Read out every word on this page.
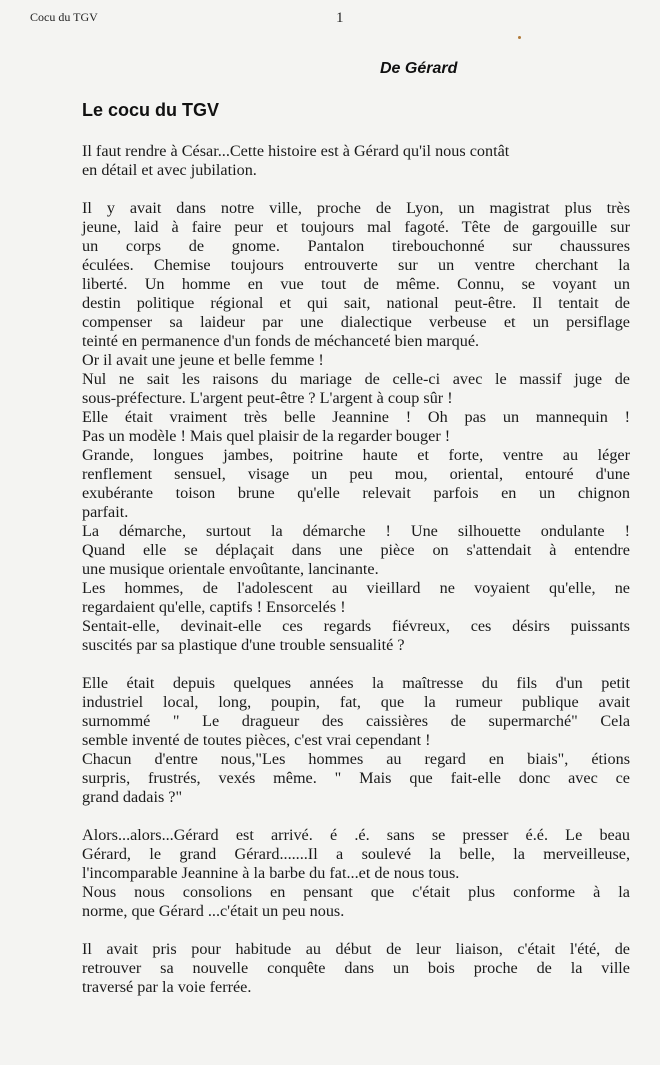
Cocu du TGV	1
De Gérard
Le cocu du TGV
Il faut rendre à César...Cette histoire est à Gérard qu'il nous contât
en détail et avec jubilation.
Il y avait dans notre ville, proche de Lyon, un magistrat plus très
jeune, laid à faire peur et toujours mal fagoté. Tête de gargouille sur
un corps de gnome. Pantalon tirebouchonné sur chaussures
éculées. Chemise toujours entrouverte sur un ventre cherchant la
liberté. Un homme en vue tout de même. Connu, se voyant un
destin politique régional et qui sait, national peut-être. Il tentait de
compenser sa laideur par une dialectique verbeuse et un persiflage
teinté en permanence d'un fonds de méchanceté bien marqué.
Or il avait une jeune et belle femme !
Nul ne sait les raisons du mariage de celle-ci avec le massif juge de
sous-préfecture. L'argent peut-être ? L'argent à coup sûr !
Elle était vraiment très belle Jeannine ! Oh pas un mannequin !
Pas un modèle ! Mais quel plaisir de la regarder bouger !
Grande, longues jambes, poitrine haute et forte, ventre au léger
renflement sensuel, visage un peu mou, oriental, entouré d'une
exubérante toison brune qu'elle relevait parfois en un chignon
parfait.
La démarche, surtout la démarche ! Une silhouette ondulante !
Quand elle se déplaçait dans une pièce on s'attendait à entendre
une musique orientale envoûtante, lancinante.
Les hommes, de l'adolescent au vieillard ne voyaient qu'elle, ne
regardaient qu'elle, captifs ! Ensorcelés !
Sentait-elle, devinait-elle ces regards fiévreux, ces désirs puissants
suscités par sa plastique d'une trouble sensualité ?
Elle était depuis quelques années la maîtresse du fils d'un petit
industriel local, long, poupin, fat, que la rumeur publique avait
surnommé " Le dragueur des caissières de supermarché" Cela
semble inventé de toutes pièces, c'est vrai cependant !
Chacun d'entre nous,"Les hommes au regard en biais", étions
surpris, frustrés, vexés même. " Mais que fait-elle donc avec ce
grand dadais ?"
Alors...alors...Gérard est arrivé. é .é. sans se presser é.é. Le beau
Gérard, le grand Gérard.......Il a soulevé la belle, la merveilleuse,
l'incomparable Jeannine à la barbe du fat...et de nous tous.
Nous nous consolions en pensant que c'était plus conforme à la
norme, que Gérard ...c'était un peu nous.
Il avait pris pour habitude au début de leur liaison, c'était l'été, de
retrouver sa nouvelle conquête dans un bois proche de la ville
traversé par la voie ferrée.
